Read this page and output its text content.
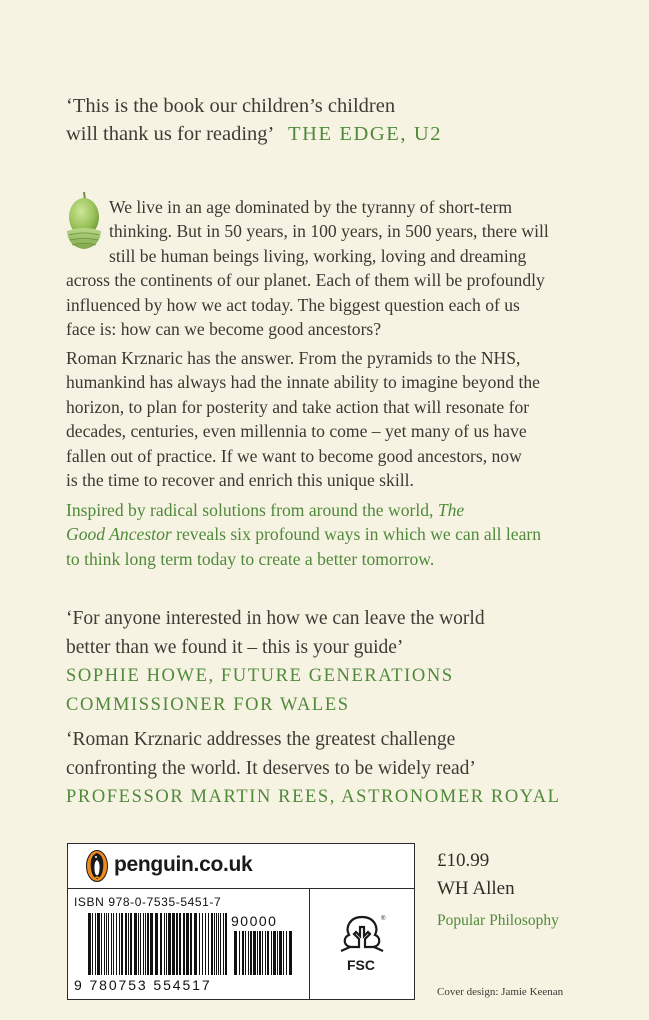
‘This is the book our children’s children
will thank us for reading’ THE EDGE, U2
We live in an age dominated by the tyranny of short-term
thinking. But in 50 years, in 100 years, in 500 years, there will
still be human beings living, working, loving and dreaming
across the continents of our planet. Each of them will be profoundly
influenced by how we act today. The biggest question each of us
face is: how can we become good ancestors?
Roman Krznaric has the answer. From the pyramids to the NHS,
humankind has always had the innate ability to imagine beyond the
horizon, to plan for posterity and take action that will resonate for
decades, centuries, even millennia to come – yet many of us have
fallen out of practice. If we want to become good ancestors, now
is the time to recover and enrich this unique skill.
Inspired by radical solutions from around the world, The
Good Ancestor reveals six profound ways in which we can all learn
to think long term today to create a better tomorrow.
‘For anyone interested in how we can leave the world
better than we found it – this is your guide’
SOPHIE HOWE, FUTURE GENERATIONS
COMMISSIONER FOR WALES
‘Roman Krznaric addresses the greatest challenge
confronting the world. It deserves to be widely read’
PROFESSOR MARTIN REES, ASTRONOMER ROYAL
penguin.co.uk
ISBN 978-0-7535-5451-7
90000
9 780753 554517
®
FSC
£10.99
WH Allen
Popular Philosophy
Cover design: Jamie Keenan
